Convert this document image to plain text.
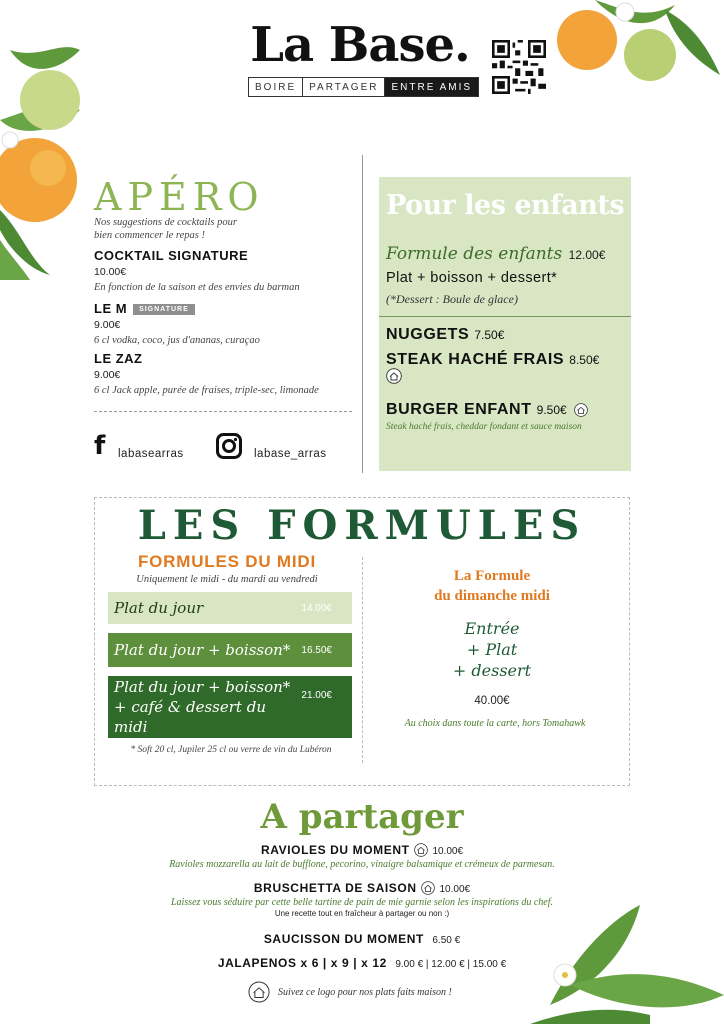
La Base.
BOIRE	PARTAGER	ENTRE AMIS
APÉRO
Nos suggestions de cocktails pour
bien commencer le repas !
COCKTAIL SIGNATURE
10.00€
En fonction de la saison et des envies du barman
LE M SIGNATURE
9.00€
6 cl vodka, coco, jus d'ananas, curaçao
LE ZAZ
9.00€
6 cl Jack apple, purée de fraises, triple-sec, limonade
f	labasearras	labase_arras
Pour les enfants
Formule des enfants 12.00€
Plat + boisson + dessert*
(*Dessert : Boule de glace)
NUGGETS 7.50€
STEAK HACHÉ FRAIS 8.50€
BURGER ENFANT 9.50€
Steak haché frais, cheddar fondant et sauce maison
LES FORMULES
FORMULES DU MIDI
Uniquement le midi - du mardi au vendredi
Plat du jour	14.00€
Plat du jour + boisson* 16.50€
Plat du jour + boisson*
+ café & dessert du midi
21.00€
* Soft 20 cl, Jupiler 25 cl ou verre de vin du Lubéron
La Formule
du dimanche midi
Entrée
+ Plat
+ dessert
40.00€
Au choix dans toute la carte, hors Tomahawk
A partager
RAVIOLES DU MOMENT 10.00€
Ravioles mozzarella au lait de bufflone, pecorino, vinaigre balsamique et crémeux de parmesan.
BRUSCHETTA DE SAISON 10.00€
Laissez vous séduire par cette belle tartine de pain de mie garnie selon les inspirations du chef.
Une recette tout en fraîcheur à partager ou non :)
SAUCISSON DU MOMENT 6.50 €
JALAPENOS x 6 | x 9 | x 12 9.00 € | 12.00 € | 15.00 €
Suivez ce logo pour nos plats faits maison !
